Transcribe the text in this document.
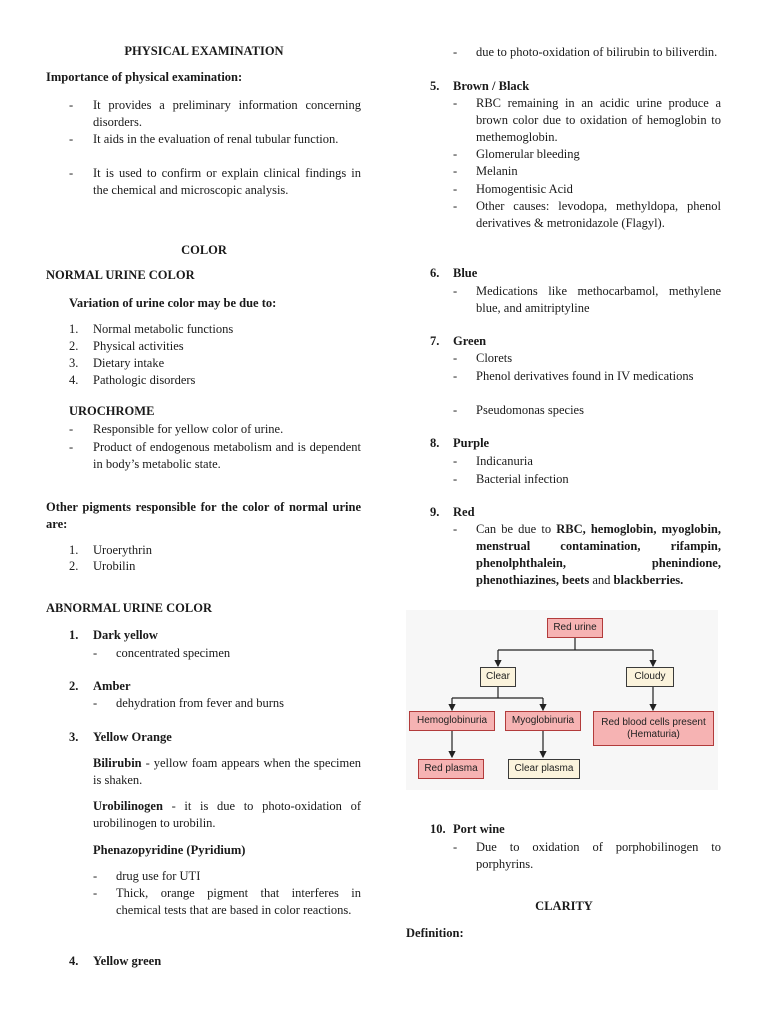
PHYSICAL EXAMINATION
Importance of physical examination:
- It provides a preliminary information concerning disorders.
- It aids in the evaluation of renal tubular function.
- It is used to confirm or explain clinical findings in the chemical and microscopic analysis.
COLOR
NORMAL URINE COLOR
Variation of urine color may be due to:
1. Normal metabolic functions
2. Physical activities
3. Dietary intake
4. Pathologic disorders
UROCHROME
- Responsible for yellow color of urine.
- Product of endogenous metabolism and is dependent in body’s metabolic state.
Other pigments responsible for the color of normal urine are:
1. Uroerythrin
2. Urobilin
ABNORMAL URINE COLOR
1. Dark yellow
- concentrated specimen
2. Amber
- dehydration from fever and burns
3. Yellow Orange
Bilirubin - yellow foam appears when the specimen is shaken.
Urobilinogen - it is due to photo-oxidation of urobilinogen to urobilin.
Phenazopyridine (Pyridium)
- drug use for UTI
- Thick, orange pigment that interferes in chemical tests that are based in color reactions.
4. Yellow green
- due to photo-oxidation of bilirubin to biliverdin.
5. Brown / Black
- RBC remaining in an acidic urine produce a brown color due to oxidation of hemoglobin to methemoglobin.
- Glomerular bleeding
- Melanin
- Homogentisic Acid
- Other causes: levodopa, methyldopa, phenol derivatives & metronidazole (Flagyl).
6. Blue
- Medications like methocarbamol, methylene blue, and amitriptyline
7. Green
- Clorets
- Phenol derivatives found in IV medications
- Pseudomonas species
8. Purple
- Indicanuria
- Bacterial infection
9. Red
- Can be due to RBC, hemoglobin, myoglobin, menstrual contamination, rifampin, phenolphthalein, phenindione, phenothiazines, beets and blackberries.
Red urine
Clear	Cloudy
Hemoglobinuria	Myoglobinuria	Red blood cells present (Hematuria)
Red plasma	Clear plasma
10. Port wine
- Due to oxidation of porphobilinogen to porphyrins.
CLARITY
Definition:
